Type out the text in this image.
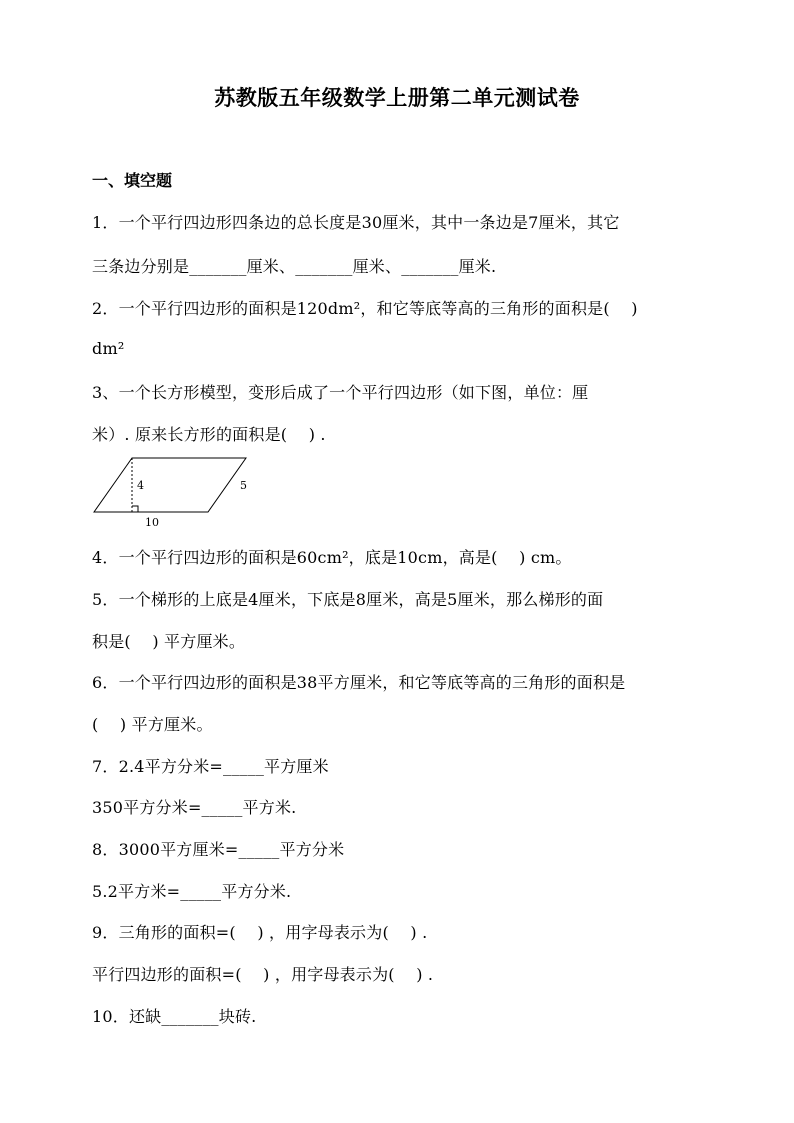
苏教版五年级数学上册第二单元测试卷
一、填空题
1．一个平行四边形四条边的总长度是30厘米，其中一条边是7厘米，其它
三条边分别是_______厘米、_______厘米、_______厘米.
2．一个平行四边形的面积是120dm²，和它等底等高的三角形的面积是(　 )
dm²
3、一个长方形模型，变形后成了一个平行四边形（如下图，单位：厘
米）. 原来长方形的面积是(　 ) .
4	5
10
4．一个平行四边形的面积是60cm²，底是10cm，高是(　 ) cm。
5．一个梯形的上底是4厘米，下底是8厘米，高是5厘米，那么梯形的面
积是(　 ) 平方厘米。
6．一个平行四边形的面积是38平方厘米，和它等底等高的三角形的面积是
(　 ) 平方厘米。
7．2.4平方分米=_____平方厘米
350平方分米=_____平方米.
8．3000平方厘米=_____平方分米
5.2平方米=_____平方分米.
9．三角形的面积=(　 ) ，用字母表示为(　 ) .
平行四边形的面积=(　 ) ，用字母表示为(　 ) .
10．还缺_______块砖.
